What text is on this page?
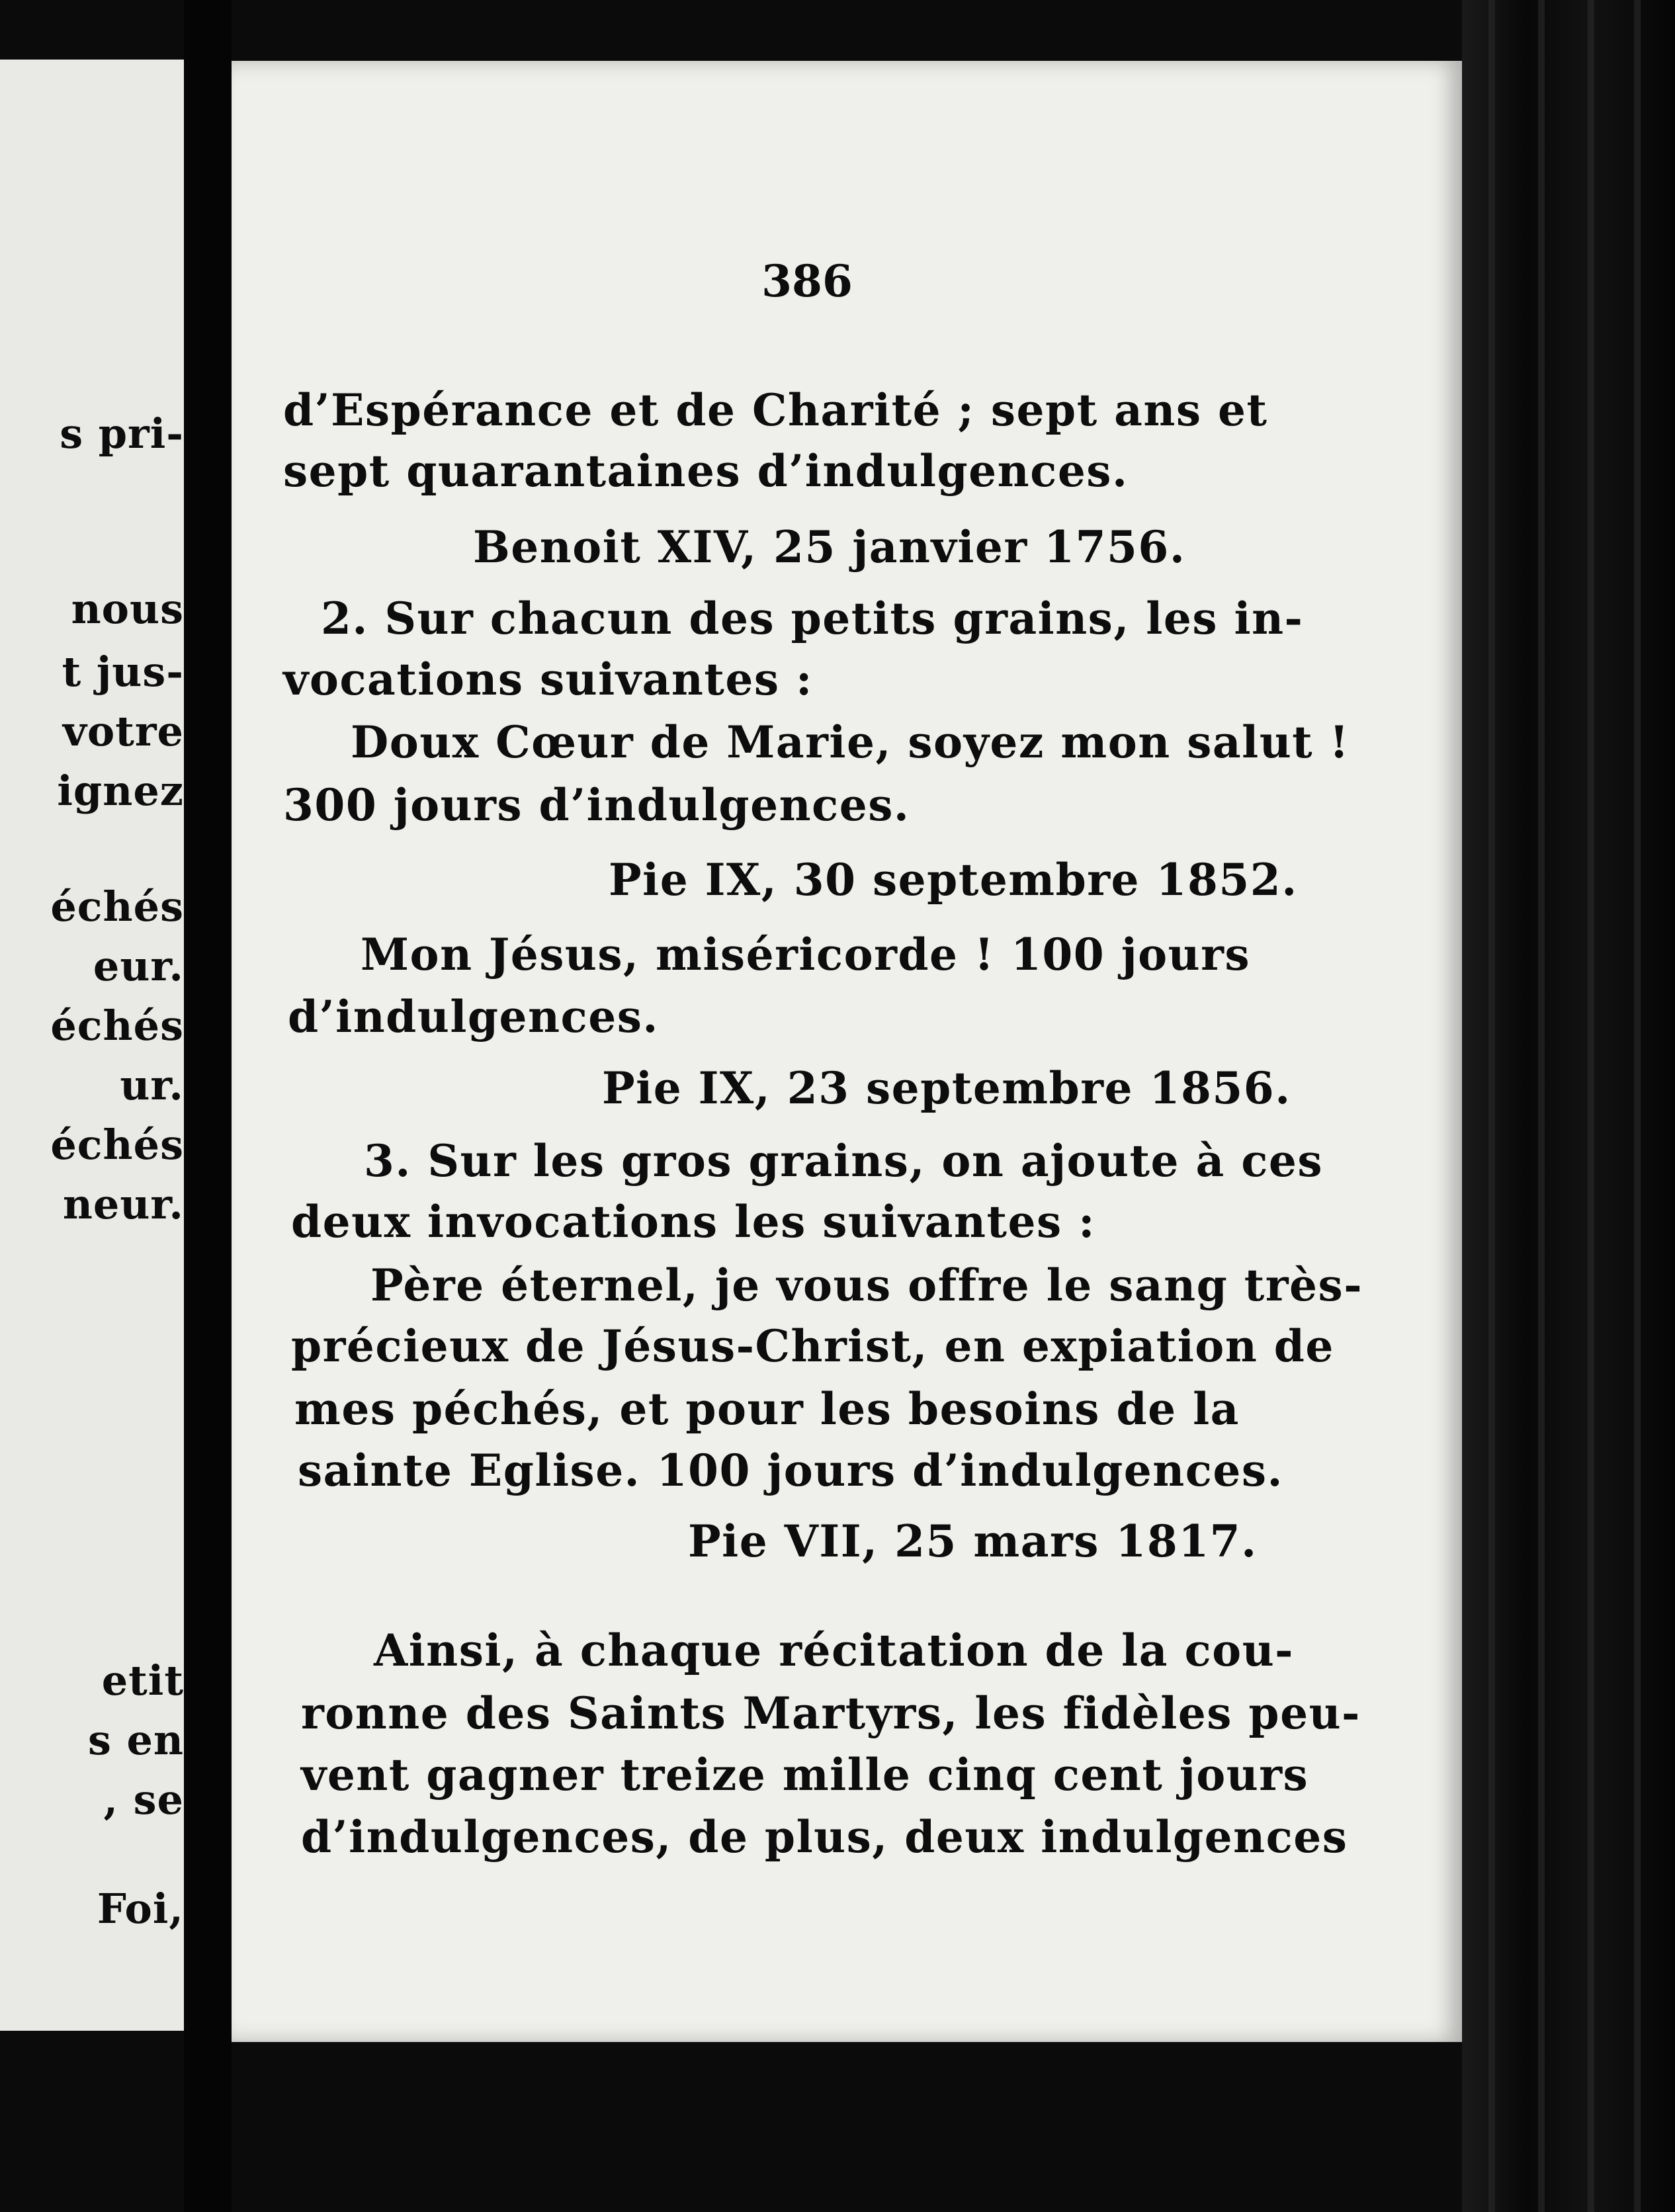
s pri-
nous
t jus-
votre
ignez
échés
eur.
échés
ur.
échés
neur.
etit
s en
, se
Foi,
386
d’Espérance et de Charité ; sept ans et
sept quarantaines d’indulgences.
Benoit XIV, 25 janvier 1756.
2. Sur chacun des petits grains, les in-
vocations suivantes :
Doux Cœur de Marie, soyez mon salut !
300 jours d’indulgences.
Pie IX, 30 septembre 1852.
Mon Jésus, miséricorde ! 100 jours
d’indulgences.
Pie IX, 23 septembre 1856.
3. Sur les gros grains, on ajoute à ces
deux invocations les suivantes :
Père éternel, je vous offre le sang très-
précieux de Jésus-Christ, en expiation de
mes péchés, et pour les besoins de la
sainte Eglise. 100 jours d’indulgences.
Pie VII, 25 mars 1817.
Ainsi, à chaque récitation de la cou-
ronne des Saints Martyrs, les fidèles peu-
vent gagner treize mille cinq cent jours
d’indulgences, de plus, deux indulgences
